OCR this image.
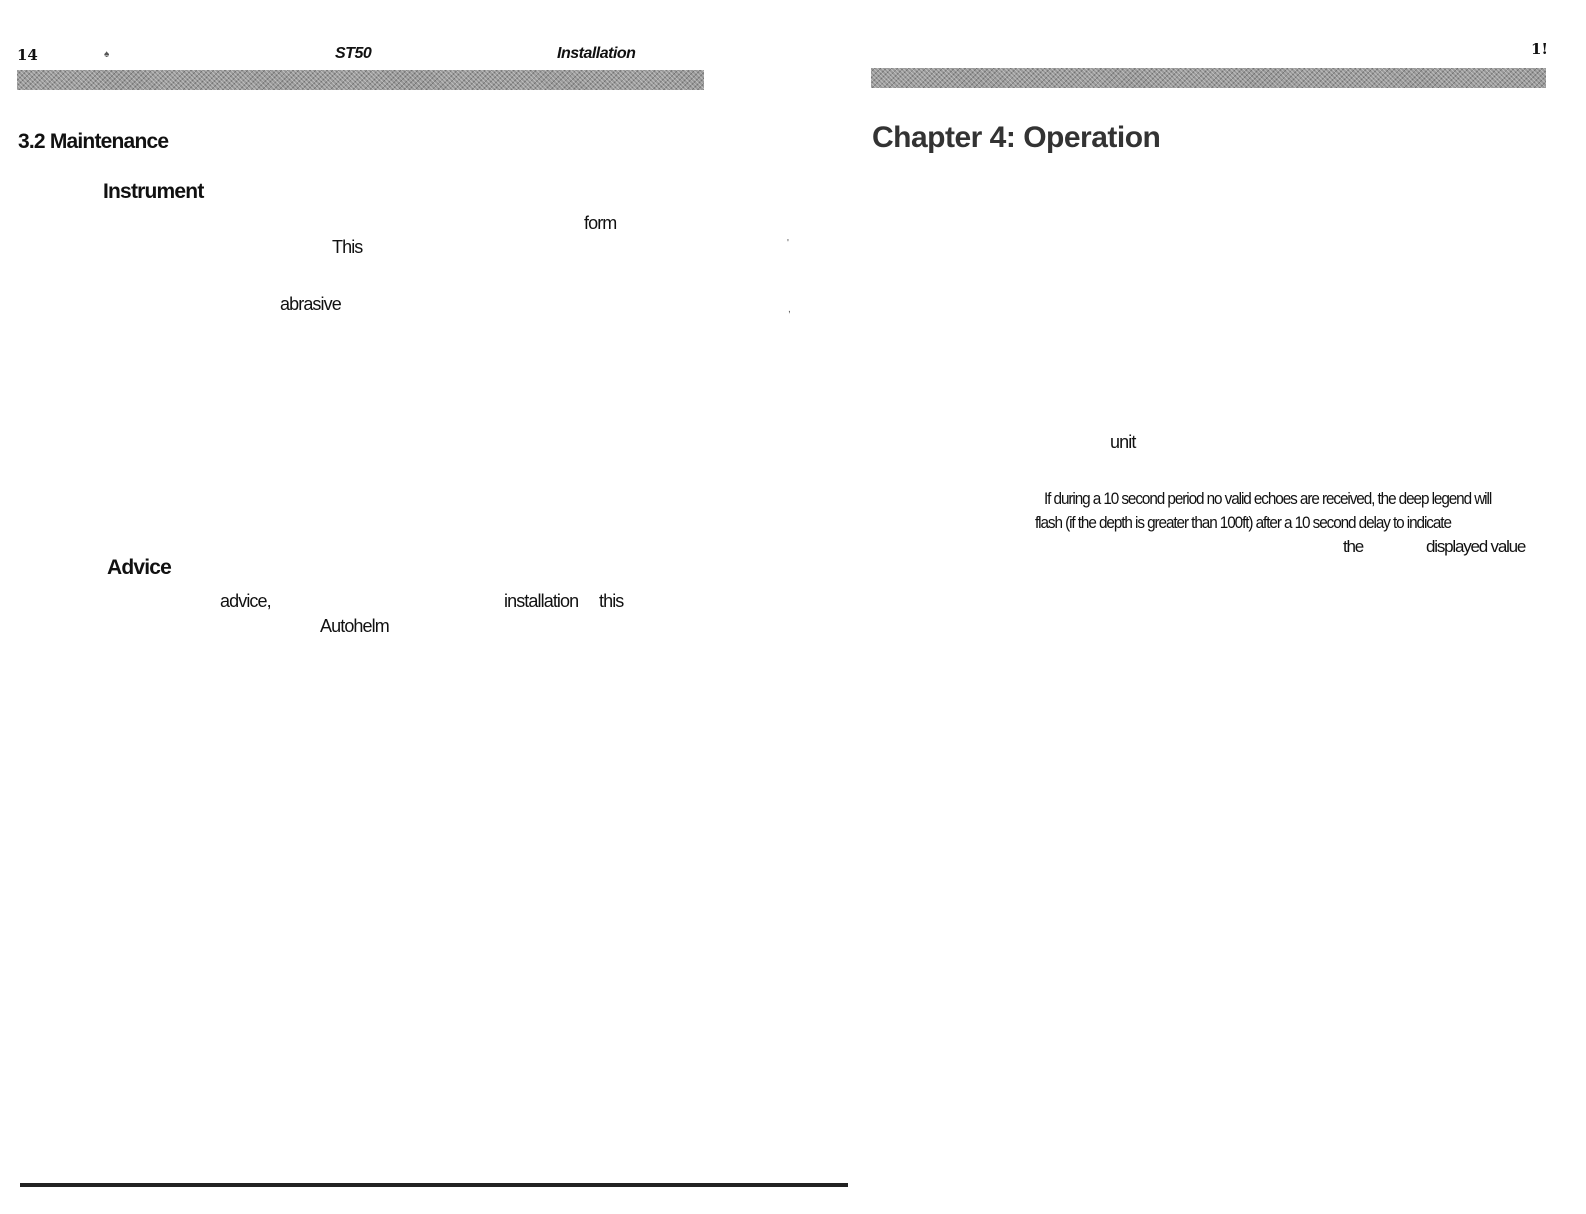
14	♠	ST50	Installation
3.2 Maintenance
Instrument
form
This
abrasive
'
,
Advice
advice,	installation this
Autohelm
1!
Chapter 4: Operation
unit
If during a 10 second period no valid echoes are received, the deep legend will
flash (if the depth is greater than 100ft) after a 10 second delay to indicate
the	displayed value
